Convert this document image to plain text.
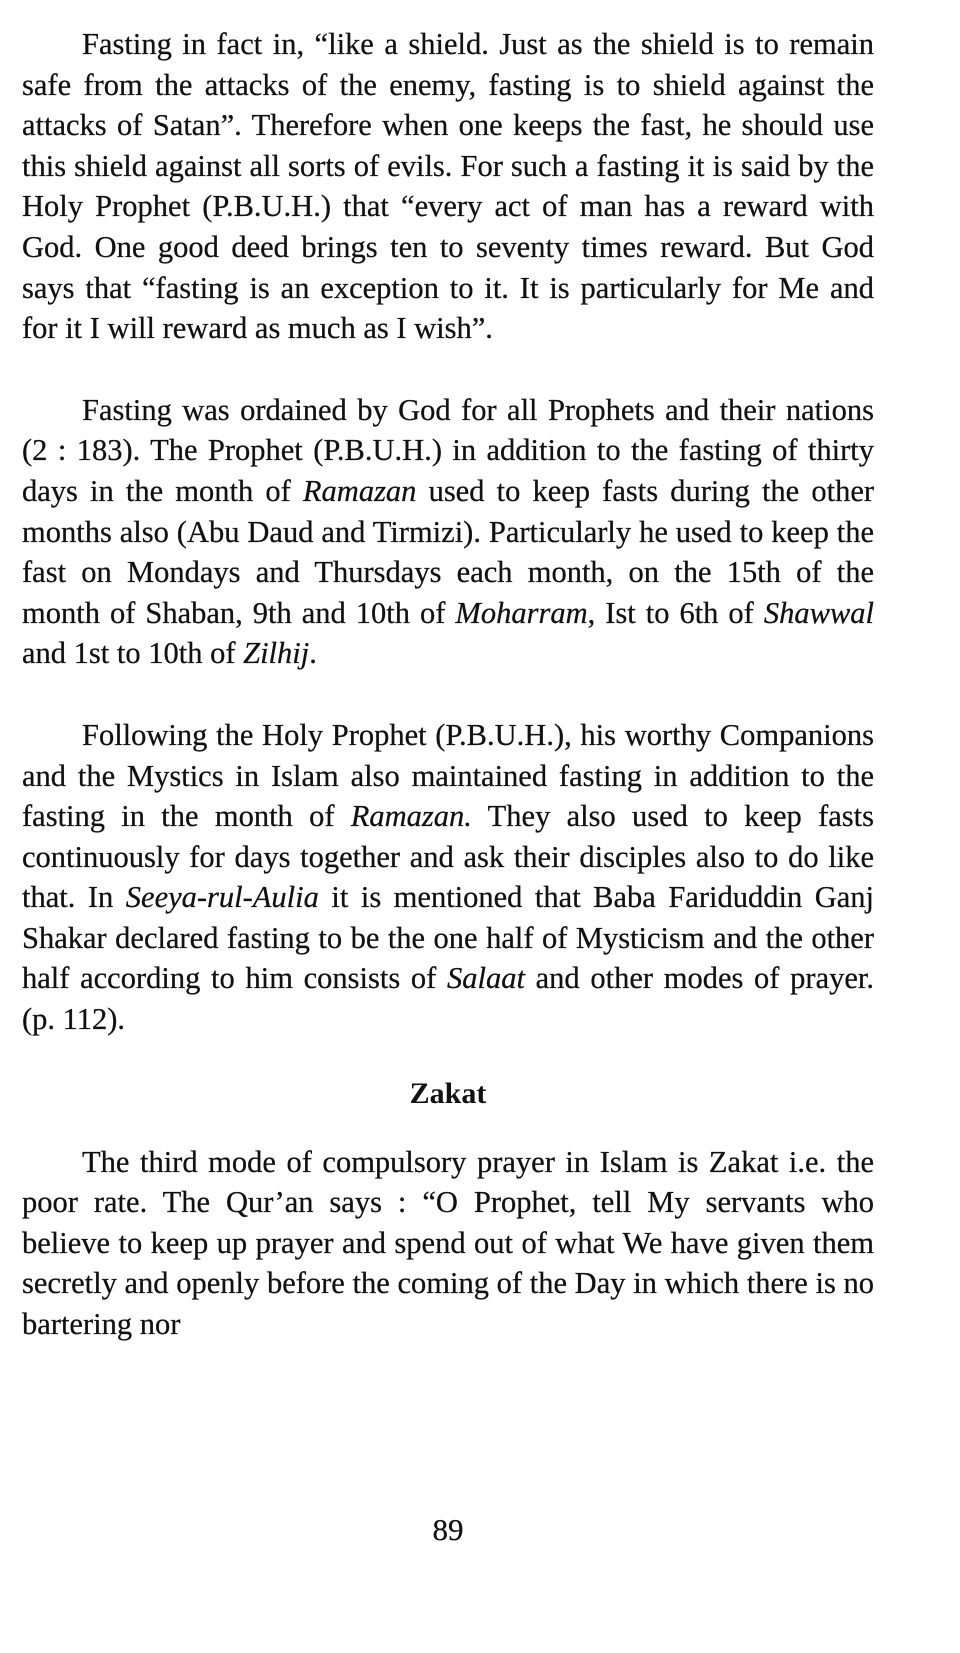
Fasting in fact in, “like a shield. Just as the shield is to remain safe from the attacks of the enemy, fasting is to shield against the attacks of Satan”. Therefore when one keeps the fast, he should use this shield against all sorts of evils. For such a fasting it is said by the Holy Prophet (P.B.U.H.) that “every act of man has a reward with God. One good deed brings ten to seventy times reward. But God says that “fasting is an exception to it. It is particularly for Me and for it I will reward as much as I wish”.

Fasting was ordained by God for all Prophets and their nations (2 : 183). The Prophet (P.B.U.H.) in addition to the fasting of thirty days in the month of Ramazan used to keep fasts during the other months also (Abu Daud and Tirmizi). Particularly he used to keep the fast on Mondays and Thursdays each month, on the 15th of the month of Shaban, 9th and 10th of Moharram, Ist to 6th of Shawwal and 1st to 10th of Zilhij.

Following the Holy Prophet (P.B.U.H.), his worthy Companions and the Mystics in Islam also maintained fasting in addition to the fasting in the month of Ramazan. They also used to keep fasts continuously for days together and ask their disciples also to do like that. In Seeya-rul-Aulia it is mentioned that Baba Fariduddin Ganj Shakar declared fasting to be the one half of Mysticism and the other half according to him consists of Salaat and other modes of prayer. (p. 112).

Zakat

The third mode of compulsory prayer in Islam is Zakat i.e. the poor rate. The Qur’an says : “O Prophet, tell My servants who believe to keep up prayer and spend out of what We have given them secretly and openly before the coming of the Day in which there is no bartering nor

89
